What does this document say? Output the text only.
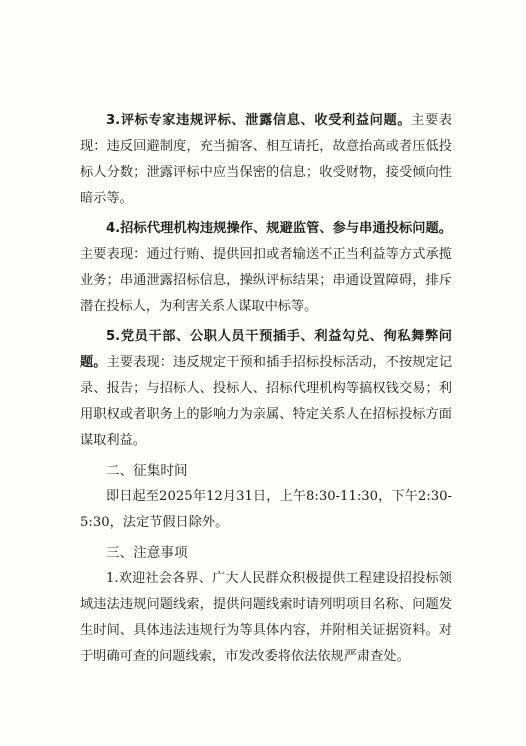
3.评标专家违规评标、泄露信息、收受利益问题。主要表现：违反回避制度，充当掮客、相互请托，故意抬高或者压低投标人分数；泄露评标中应当保密的信息；收受财物，接受倾向性暗示等。

4.招标代理机构违规操作、规避监管、参与串通投标问题。主要表现：通过行贿、提供回扣或者输送不正当利益等方式承揽业务；串通泄露招标信息，操纵评标结果；串通设置障碍，排斥潜在投标人，为利害关系人谋取中标等。

5.党员干部、公职人员干预插手、利益勾兑、徇私舞弊问题。主要表现：违反规定干预和插手招标投标活动，不按规定记录、报告；与招标人、投标人、招标代理机构等搞权钱交易；利用职权或者职务上的影响力为亲属、特定关系人在招标投标方面谋取利益。

二、征集时间

即日起至2025年12月31日，上午8:30-11:30，下午2:30-5:30，法定节假日除外。

三、注意事项

1.欢迎社会各界、广大人民群众积极提供工程建设招投标领域违法违规问题线索，提供问题线索时请列明项目名称、问题发生时间、具体违法违规行为等具体内容，并附相关证据资料。对于明确可查的问题线索，市发改委将依法依规严肃查处。
